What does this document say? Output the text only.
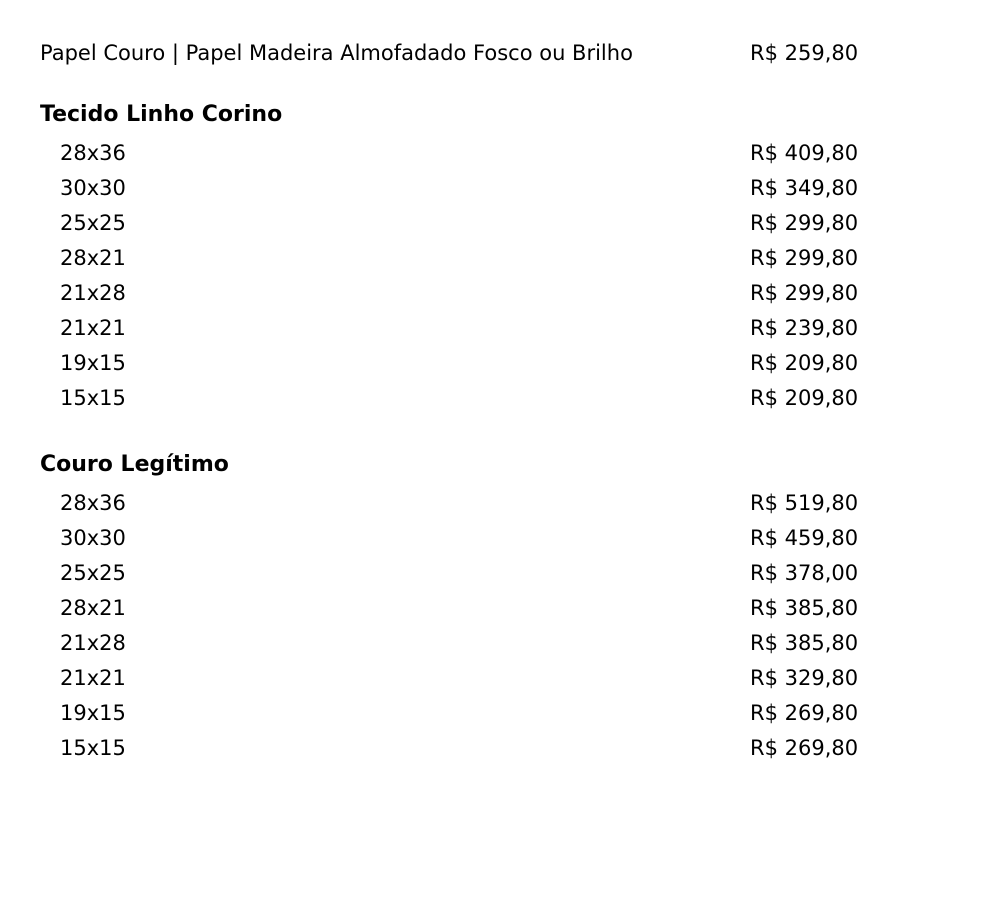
Papel Couro | Papel Madeira Almofadado Fosco ou Brilho	R$ 259,80
Tecido Linho Corino
28x36	R$ 409,80
30x30	R$ 349,80
25x25	R$ 299,80
28x21	R$ 299,80
21x28	R$ 299,80
21x21	R$ 239,80
19x15	R$ 209,80
15x15	R$ 209,80
Couro Legítimo
28x36	R$ 519,80
30x30	R$ 459,80
25x25	R$ 378,00
28x21	R$ 385,80
21x28	R$ 385,80
21x21	R$ 329,80
19x15	R$ 269,80
15x15	R$ 269,80
